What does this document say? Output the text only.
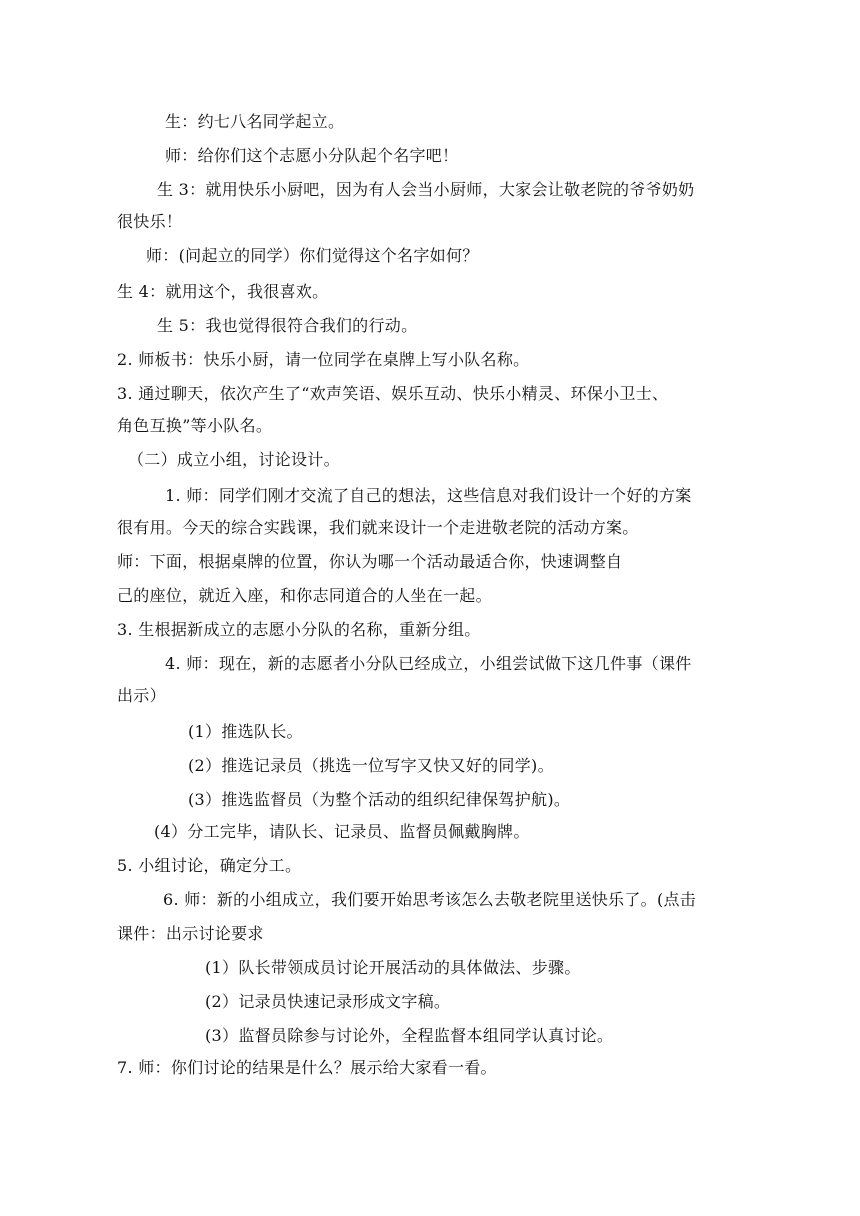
生：约七八名同学起立。
师：给你们这个志愿小分队起个名字吧！
生 3：就用快乐小厨吧，因为有人会当小厨师，大家会让敬老院的爷爷奶奶
很快乐！
师：(问起立的同学）你们觉得这个名字如何？
生 4：就用这个，我很喜欢。
生 5：我也觉得很符合我们的行动。
2. 师板书：快乐小厨，请一位同学在桌牌上写小队名称。
3. 通过聊天，依次产生了“欢声笑语、娱乐互动、快乐小精灵、环保小卫士、
角色互换”等小队名。
（二）成立小组，讨论设计。
1. 师：同学们刚才交流了自己的想法，这些信息对我们设计一个好的方案
很有用。今天的综合实践课，我们就来设计一个走进敬老院的活动方案。
师：下面，根据桌牌的位置，你认为哪一个活动最适合你，快速调整自
己的座位，就近入座，和你志同道合的人坐在一起。
3. 生根据新成立的志愿小分队的名称，重新分组。
4. 师：现在，新的志愿者小分队已经成立，小组尝试做下这几件事（课件
出示）
(1）推选队长。
(2）推选记录员（挑选一位写字又快又好的同学)。
(3）推选监督员（为整个活动的组织纪律保驾护航)。
(4）分工完毕，请队长、记录员、监督员佩戴胸牌。
5. 小组讨论，确定分工。
6. 师：新的小组成立，我们要开始思考该怎么去敬老院里送快乐了。(点击
课件：出示讨论要求
(1）队长带领成员讨论开展活动的具体做法、步骤。
(2）记录员快速记录形成文字稿。
(3）监督员除参与讨论外，全程监督本组同学认真讨论。
7. 师：你们讨论的结果是什么？展示给大家看一看。
